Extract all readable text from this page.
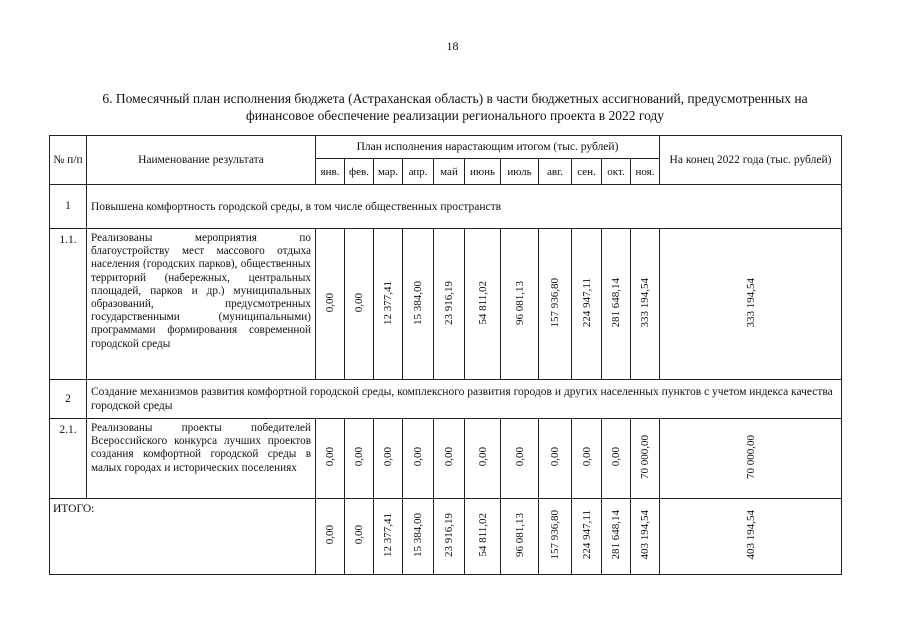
18
6. Помесячный план исполнения бюджета (Астраханская область) в части бюджетных ассигнований, предусмотренных на
финансовое обеспечение реализации регионального проекта в 2022 году
№ п/п	Наименование результата	План исполнения нарастающим итогом (тыс. рублей)											На конец 2022 года (тыс. рублей)
		янв.	фев.	мар.	апр.	май	июнь	июль	авг.	сен.	окт.	ноя.	
1	Повышена комфортность городской среды, в том числе общественных пространств												
1.1.	Реализованы мероприятия по благоустройству мест массового отдыха населения (городских парков), общественных территорий (набережных, центральных площадей, парков и др.) муниципальных образований, предусмотренных государственными (муниципальными) программами формирования современной городской среды	0,00	0,00	12 377,41	15 384,00	23 916,19	54 811,02	96 081,13	157 936,80	224 947,11	281 648,14	333 194,54	333 194,54
2	Создание механизмов развития комфортной городской среды, комплексного развития городов и других населенных пунктов с учетом индекса качества городской среды												
2.1.	Реализованы проекты победителей Всероссийского конкурса лучших проектов создания комфортной городской среды в малых городах и исторических поселениях	0,00	0,00	0,00	0,00	0,00	0,00	0,00	0,00	0,00	0,00	70 000,00	70 000,00
ИТОГО:		0,00	0,00	12 377,41	15 384,00	23 916,19	54 811,02	96 081,13	157 936,80	224 947,11	281 648,14	403 194,54	403 194,54
